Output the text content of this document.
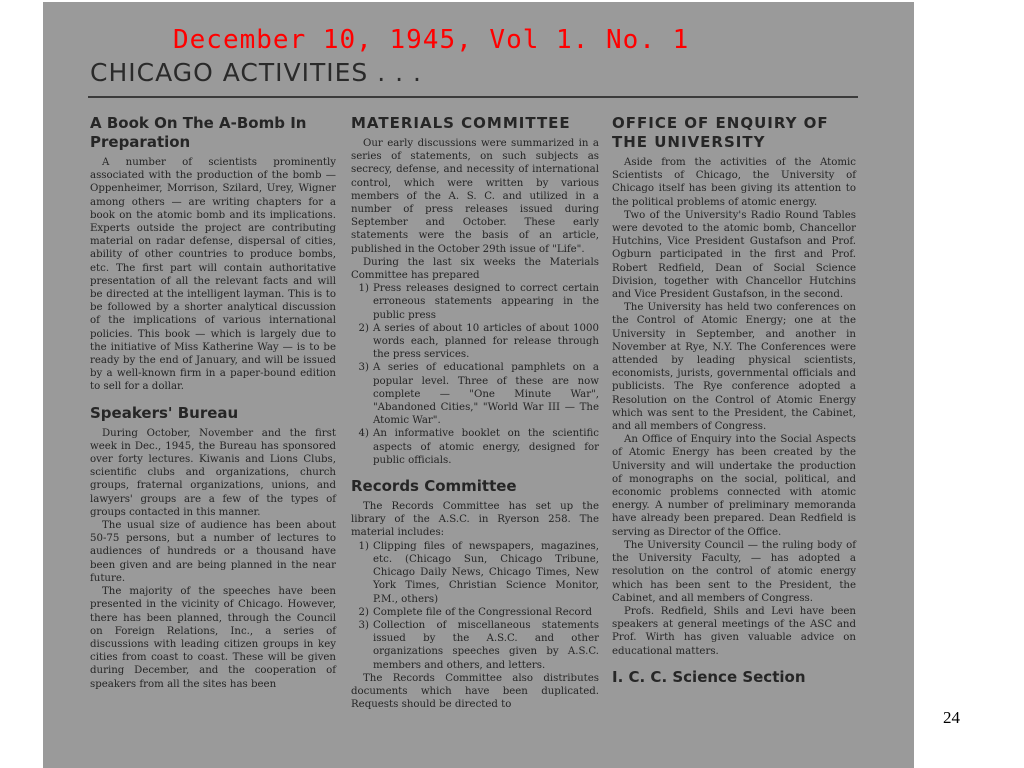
CHICAGO ACTIVITIES . . .
A Book On The A-Bomb In Preparation

A number of scientists prominently associated with the production of the bomb — Oppenheimer, Morrison, Szilard, Urey, Wigner among others — are writing chapters for a book on the atomic bomb and its implications. Experts outside the project are contributing material on radar defense, dispersal of cities, ability of other countries to produce bombs, etc. The first part will contain authoritative presentation of all the relevant facts and will be directed at the intelligent layman. This is to be followed by a shorter analytical discussion of the implications of various international policies. This book — which is largely due to the initiative of Miss Katherine Way — is to be ready by the end of January, and will be issued by a well-known firm in a paper-bound edition to sell for a dollar.

Speakers' Bureau

During October, November and the first week in Dec., 1945, the Bureau has sponsored over forty lectures. Kiwanis and Lions Clubs, scientific clubs and organizations, church groups, fraternal organizations, unions, and lawyers' groups are a few of the types of groups contacted in this manner.

The usual size of audience has been about 50-75 persons, but a number of lectures to audiences of hundreds or a thousand have been given and are being planned in the near future.

The majority of the speeches have been presented in the vicinity of Chicago. However, there has been planned, through the Council on Foreign Relations, Inc., a series of discussions with leading citizen groups in key cities from coast to coast. These will be given during December, and the cooperation of speakers from all the sites has been

MATERIALS COMMITTEE

Our early discussions were summarized in a series of statements, on such subjects as secrecy, defense, and necessity of international control, which were written by various members of the A. S. C. and utilized in a number of press releases issued during September and October. These early statements were the basis of an article, published in the October 29th issue of "Life".

During the last six weeks the Materials Committee has prepared

1) Press releases designed to correct certain erroneous statements appearing in the public press
2) A series of about 10 articles of about 1000 words each, planned for release through the press services.
3) A series of educational pamphlets on a popular level. Three of these are now complete — "One Minute War", "Abandoned Cities," "World War III — The Atomic War".
4) An informative booklet on the scientific aspects of atomic energy, designed for public officials.
Records Committee

The Records Committee has set up the library of the A.S.C. in Ryerson 258. The material includes:

1) Clipping files of newspapers, magazines, etc. (Chicago Sun, Chicago Tribune, Chicago Daily News, Chicago Times, New York Times, Christian Science Monitor, P.M., others)
2) Complete file of the Congressional Record
3) Collection of miscellaneous statements issued by the A.S.C. and other organizations speeches given by A.S.C. members and others, and letters.

The Records Committee also distributes documents which have been duplicated. Requests should be directed to

OFFICE OF ENQUIRY OF THE UNIVERSITY

Aside from the activities of the Atomic Scientists of Chicago, the University of Chicago itself has been giving its attention to the political problems of atomic energy.

Two of the University's Radio Round Tables were devoted to the atomic bomb, Chancellor Hutchins, Vice President Gustafson and Prof. Ogburn participated in the first and Prof. Robert Redfield, Dean of Social Science Division, together with Chancellor Hutchins and Vice President Gustafson, in the second.

The University has held two conferences on the Control of Atomic Energy; one at the University in September, and another in November at Rye, N.Y. The Conferences were attended by leading physical scientists, economists, jurists, governmental officials and publicists. The Rye conference adopted a Resolution on the Control of Atomic Energy which was sent to the President, the Cabinet, and all members of Congress.

An Office of Enquiry into the Social Aspects of Atomic Energy has been created by the University and will undertake the production of monographs on the social, political, and economic problems connected with atomic energy. A number of preliminary memoranda have already been prepared. Dean Redfield is serving as Director of the Office.

The University Council — the ruling body of the University Faculty, — has adopted a resolution on the control of atomic energy which has been sent to the President, the Cabinet, and all members of Congress.

Profs. Redfield, Shils and Levi have been speakers at general meetings of the ASC and Prof. Wirth has given valuable advice on educational matters.

I. C. C. Science Section
December 10, 1945, Vol 1. No. 1
24
